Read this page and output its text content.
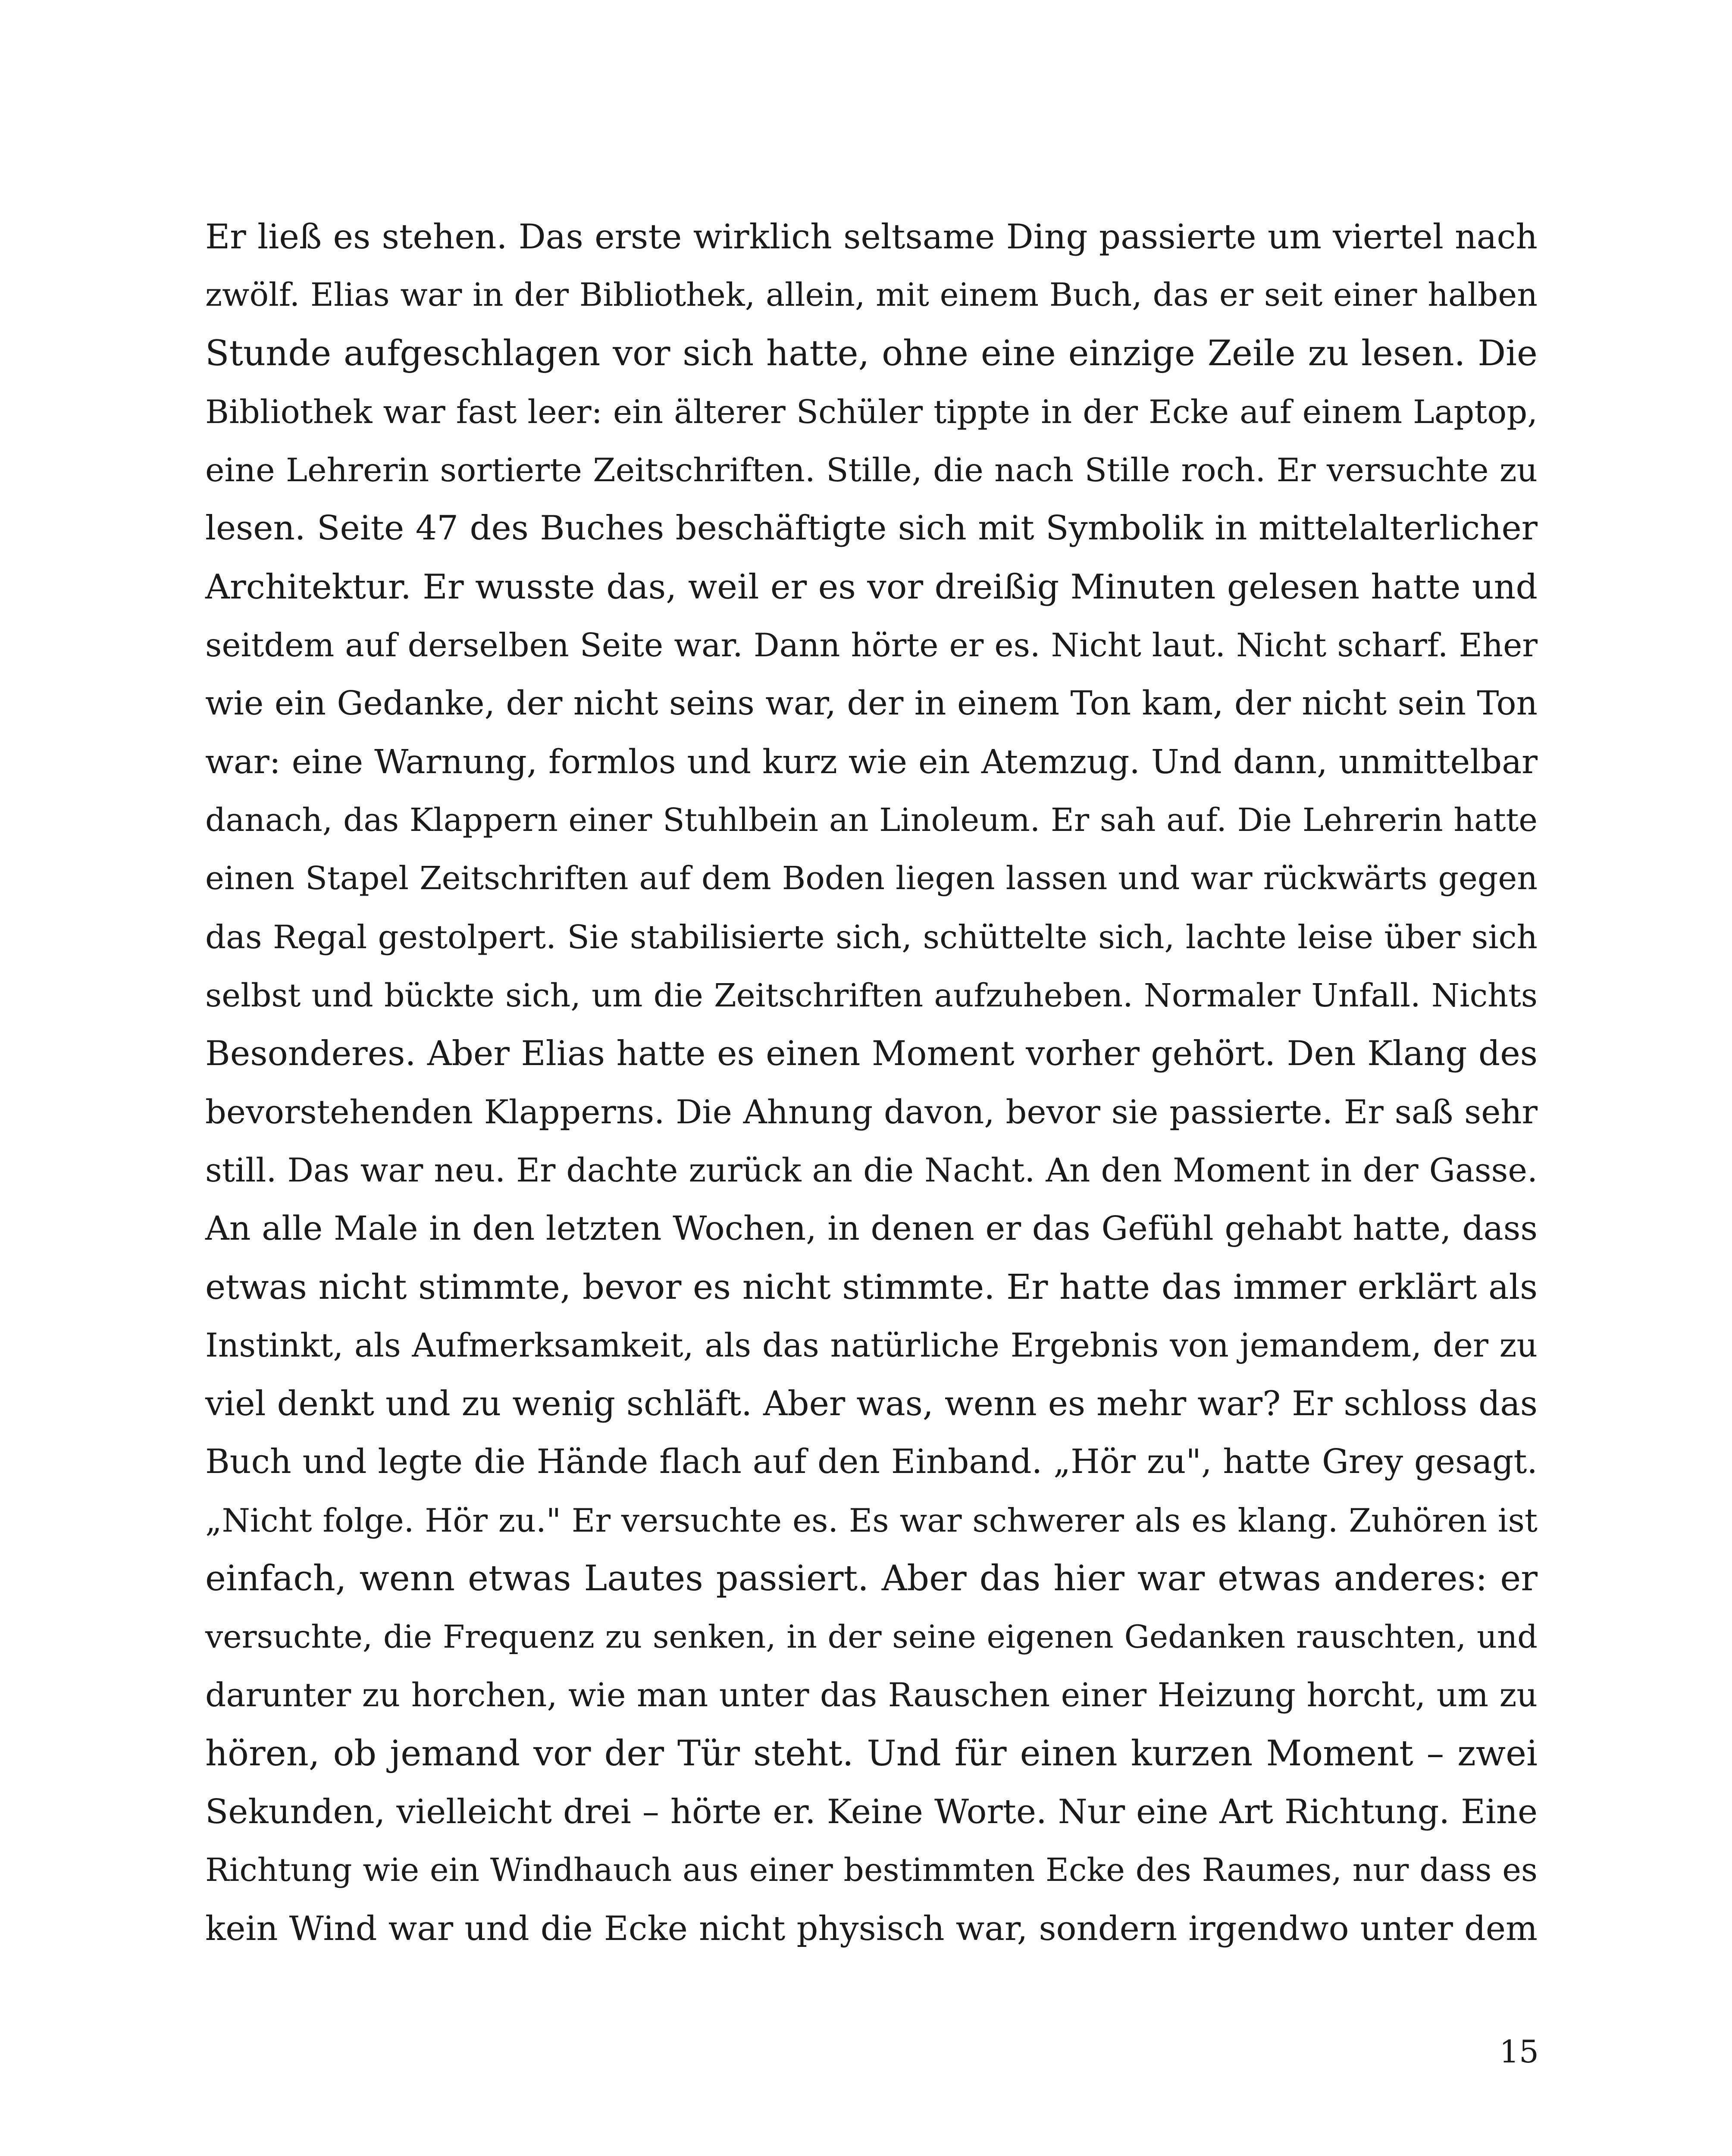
Er ließ es stehen. Das erste wirklich seltsame Ding passierte um viertel nach
zwölf. Elias war in der Bibliothek, allein, mit einem Buch, das er seit einer halben
Stunde aufgeschlagen vor sich hatte, ohne eine einzige Zeile zu lesen. Die
Bibliothek war fast leer: ein älterer Schüler tippte in der Ecke auf einem Laptop,
eine Lehrerin sortierte Zeitschriften. Stille, die nach Stille roch. Er versuchte zu
lesen. Seite 47 des Buches beschäftigte sich mit Symbolik in mittelalterlicher
Architektur. Er wusste das, weil er es vor dreißig Minuten gelesen hatte und
seitdem auf derselben Seite war. Dann hörte er es. Nicht laut. Nicht scharf. Eher
wie ein Gedanke, der nicht seins war, der in einem Ton kam, der nicht sein Ton
war: eine Warnung, formlos und kurz wie ein Atemzug. Und dann, unmittelbar
danach, das Klappern einer Stuhlbein an Linoleum. Er sah auf. Die Lehrerin hatte
einen Stapel Zeitschriften auf dem Boden liegen lassen und war rückwärts gegen
das Regal gestolpert. Sie stabilisierte sich, schüttelte sich, lachte leise über sich
selbst und bückte sich, um die Zeitschriften aufzuheben. Normaler Unfall. Nichts
Besonderes. Aber Elias hatte es einen Moment vorher gehört. Den Klang des
bevorstehenden Klapperns. Die Ahnung davon, bevor sie passierte. Er saß sehr
still. Das war neu. Er dachte zurück an die Nacht. An den Moment in der Gasse.
An alle Male in den letzten Wochen, in denen er das Gefühl gehabt hatte, dass
etwas nicht stimmte, bevor es nicht stimmte. Er hatte das immer erklärt als
Instinkt, als Aufmerksamkeit, als das natürliche Ergebnis von jemandem, der zu
viel denkt und zu wenig schläft. Aber was, wenn es mehr war? Er schloss das
Buch und legte die Hände flach auf den Einband. „Hör zu", hatte Grey gesagt.
„Nicht folge. Hör zu." Er versuchte es. Es war schwerer als es klang. Zuhören ist
einfach, wenn etwas Lautes passiert. Aber das hier war etwas anderes: er
versuchte, die Frequenz zu senken, in der seine eigenen Gedanken rauschten, und
darunter zu horchen, wie man unter das Rauschen einer Heizung horcht, um zu
hören, ob jemand vor der Tür steht. Und für einen kurzen Moment – zwei
Sekunden, vielleicht drei – hörte er. Keine Worte. Nur eine Art Richtung. Eine
Richtung wie ein Windhauch aus einer bestimmten Ecke des Raumes, nur dass es
kein Wind war und die Ecke nicht physisch war, sondern irgendwo unter dem
15
